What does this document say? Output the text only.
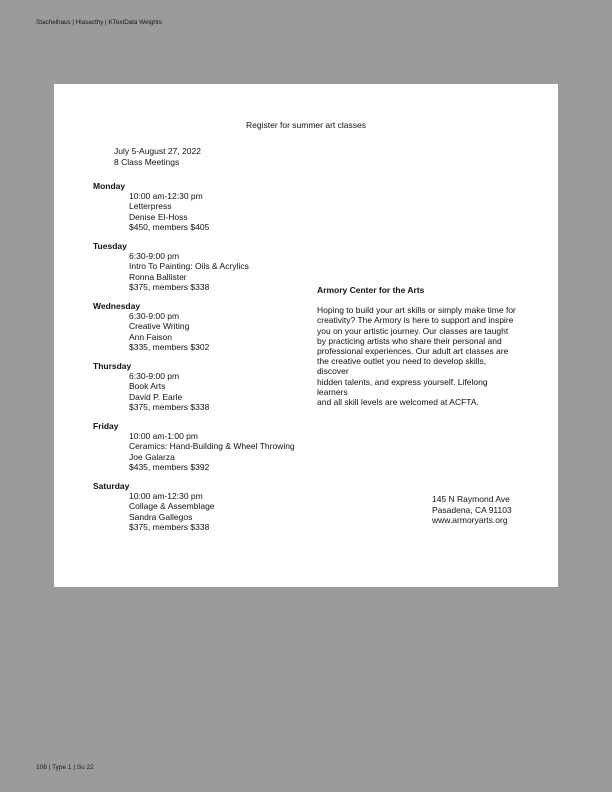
Stachelhaus | Hlasacthy | KTextData Weights
Register for summer art classes
July 5-August 27, 2022
8 Class Meetings
Monday
10:00 am-12:30 pm
Letterpress
Denise El-Hoss
$450, members $405
Tuesday
6:30-9:00 pm
Intro To Painting: Oils & Acrylics
Ronna Ballister
$375, members $338
Wednesday
6:30-9:00 pm
Creative Writing
Ann Faison
$335, members $302
Thursday
6:30-9:00 pm
Book Arts
David P. Earle
$375, members $338
Friday
10:00 am-1:00 pm
Ceramics: Hand-Building & Wheel Throwing
Joe Galarza
$435, members $392
Saturday
10:00 am-12:30 pm
Collage & Assemblage
Sandra Gallegos
$375, members $338
Armory Center for the Arts
Hoping to build your art skills or simply make time for
creativity? The Armory is here to support and inspire
you on your artistic journey. Our classes are taught
by practicing artists who share their personal and
professional experiences. Our adult art classes are
the creative outlet you need to develop skills, discover
hidden talents, and express yourself. Lifelong learners
and all skill levels are welcomed at ACFTA.
145 N Raymond Ave
Pasadena, CA 91103
www.armoryarts.org
108 | Type 1 | Su 22
